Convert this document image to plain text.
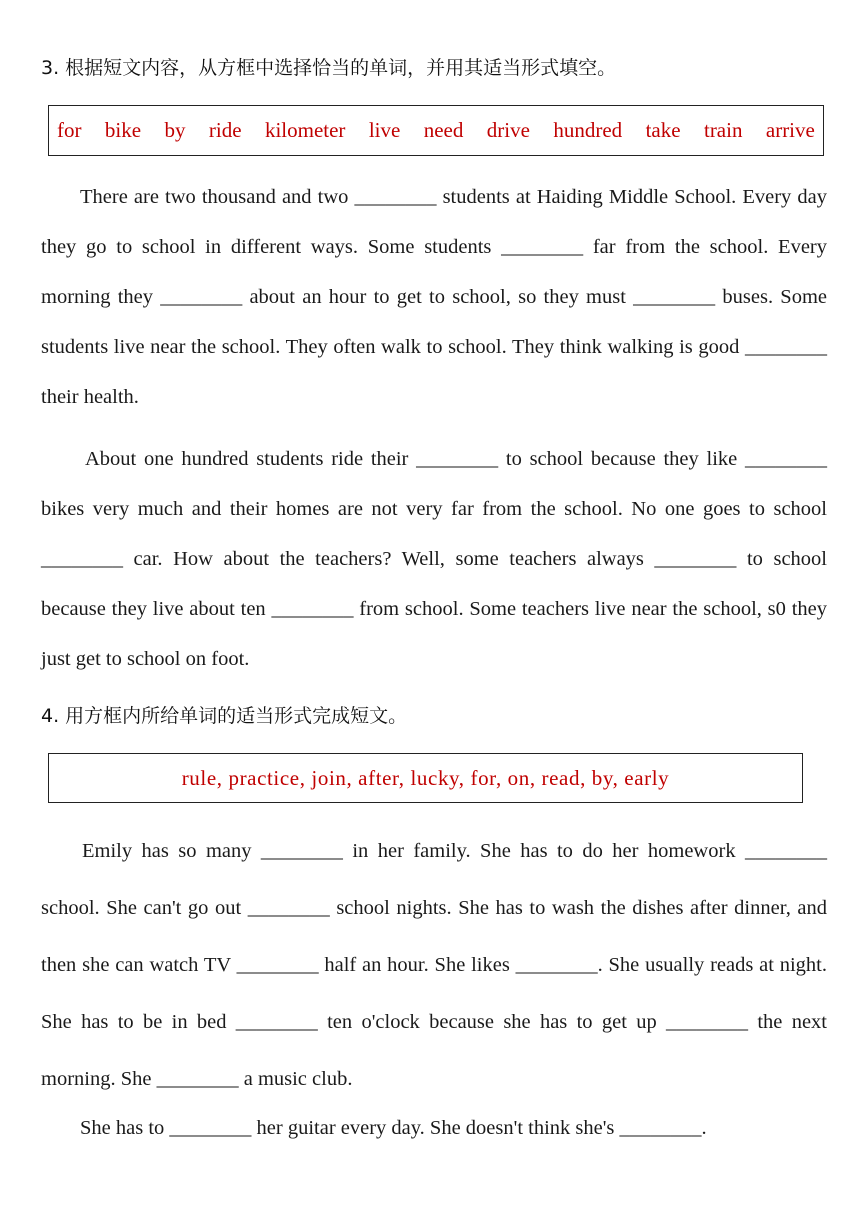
3. 根据短文内容，从方框中选择恰当的单词，并用其适当形式填空。
for bike by ride kilometer live need drive hundred take train arrive
There are two thousand and two ________ students at Haiding Middle School. Every day they go to school in different ways. Some students ________ far from the school. Every morning they ________ about an hour to get to school, so they must ________ buses. Some students live near the school. They often walk to school. They think walking is good ________ their health.
About one hundred students ride their ________ to school because they like ________ bikes very much and their homes are not very far from the school. No one goes to school ________ car. How about the teachers? Well, some teachers always ________ to school because they live about ten ________ from school. Some teachers live near the school, s0 they just get to school on foot.
4. 用方框内所给单词的适当形式完成短文。
rule, practice, join, after, lucky, for, on, read, by, early
Emily has so many ________ in her family. She has to do her homework ________ school. She can't go out ________ school nights. She has to wash the dishes after dinner, and then she can watch TV ________ half an hour. She likes ________. She usually reads at night. She has to be in bed ________ ten o'clock because she has to get up ________ the next morning. She ________ a music club.
She has to ________ her guitar every day. She doesn't think she's ________.
